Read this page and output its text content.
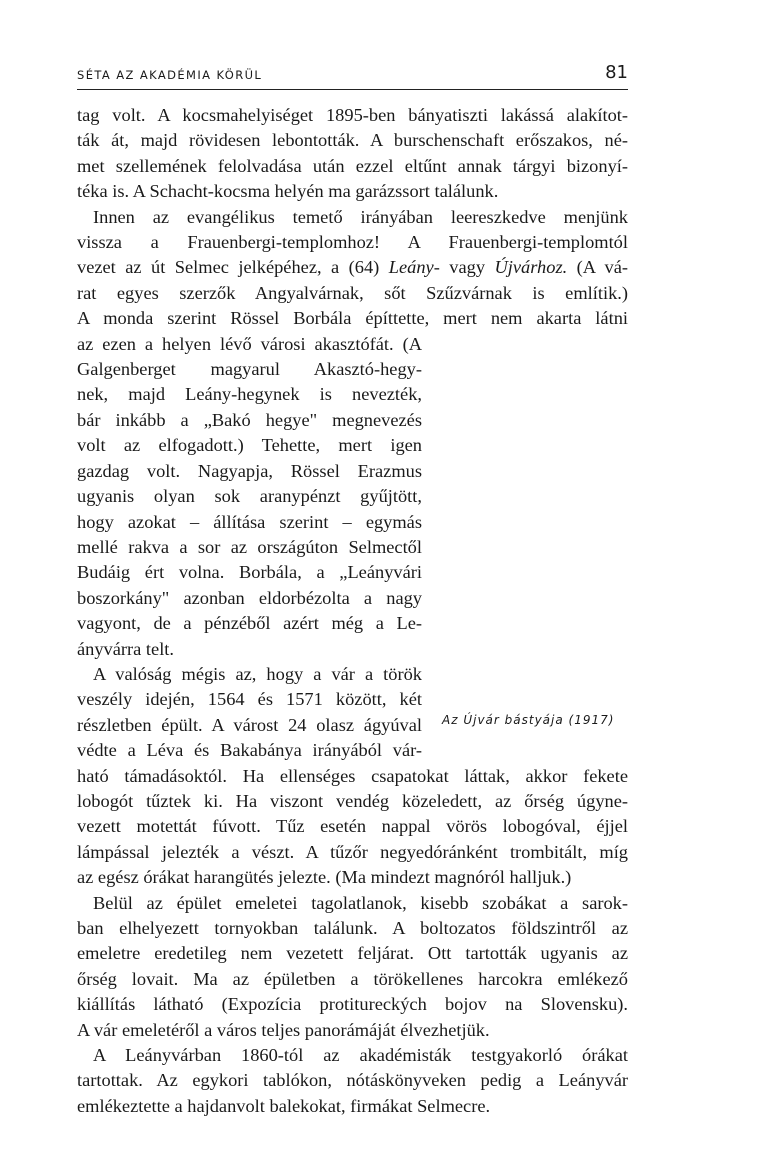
SÉTA AZ AKADÉMIA KÖRÜL	81
tag volt. A kocsmahelyiséget 1895-ben bányatiszti lakássá alakítot-
ták át, majd rövidesen lebontották. A burschenschaft erőszakos, né-
met szellemének felolvadása után ezzel eltűnt annak tárgyi bizonyí-
téka is. A Schacht-kocsma helyén ma garázssort találunk.
Innen az evangélikus temető irányában leereszkedve menjünk
vissza a Frauenbergi-templomhoz! A Frauenbergi-templomtól
vezet az út Selmec jelképéhez, a (64) Leány- vagy Újvárhoz. (A vá-
rat egyes szerzők Angyalvárnak, sőt Szűzvárnak is említik.)
A monda szerint Rössel Borbála építtette, mert nem akarta látni
az ezen a helyen lévő városi akasztófát. (A
Galgenberget magyarul Akasztó-hegy-
nek, majd Leány-hegynek is nevezték,
bár inkább a „Bakó hegye" megnevezés
volt az elfogadott.) Tehette, mert igen
gazdag volt. Nagyapja, Rössel Erazmus
ugyanis olyan sok aranypénzt gyűjtött,
hogy azokat – állítása szerint – egymás
mellé rakva a sor az országúton Selmectől
Budáig ért volna. Borbála, a „Leányvári
boszorkány" azonban eldorbézolta a nagy
vagyont, de a pénzéből azért még a Le-
ányvárra telt.
A valóság mégis az, hogy a vár a török
veszély idején, 1564 és 1571 között, két
részletben épült. A várost 24 olasz ágyúval
védte a Léva és Bakabánya irányából vár-
ható támadásoktól. Ha ellenséges csapatokat láttak, akkor fekete
lobogót tűztek ki. Ha viszont vendég közeledett, az őrség úgyne-
vezett motettát fúvott. Tűz esetén nappal vörös lobogóval, éjjel
lámpással jelezték a vészt. A tűzőr negyedóránként trombitált, míg
az egész órákat harangütés jelezte. (Ma mindezt magnóról halljuk.)
Belül az épület emeletei tagolatlanok, kisebb szobákat a sarok-
ban elhelyezett tornyokban találunk. A boltozatos földszintről az
emeletre eredetileg nem vezetett feljárat. Ott tartották ugyanis az
őrség lovait. Ma az épületben a törökellenes harcokra emlékező
kiállítás látható (Expozícia protitureckých bojov na Slovensku).
A vár emeletéről a város teljes panorámáját élvezhetjük.
A Leányvárban 1860-tól az akadémisták testgyakorló órákat
tartottak. Az egykori tablókon, nótáskönyveken pedig a Leányvár
emlékeztette a hajdanvolt balekokat, firmákat Selmecre.
Az Újvár bástyája (1917)
